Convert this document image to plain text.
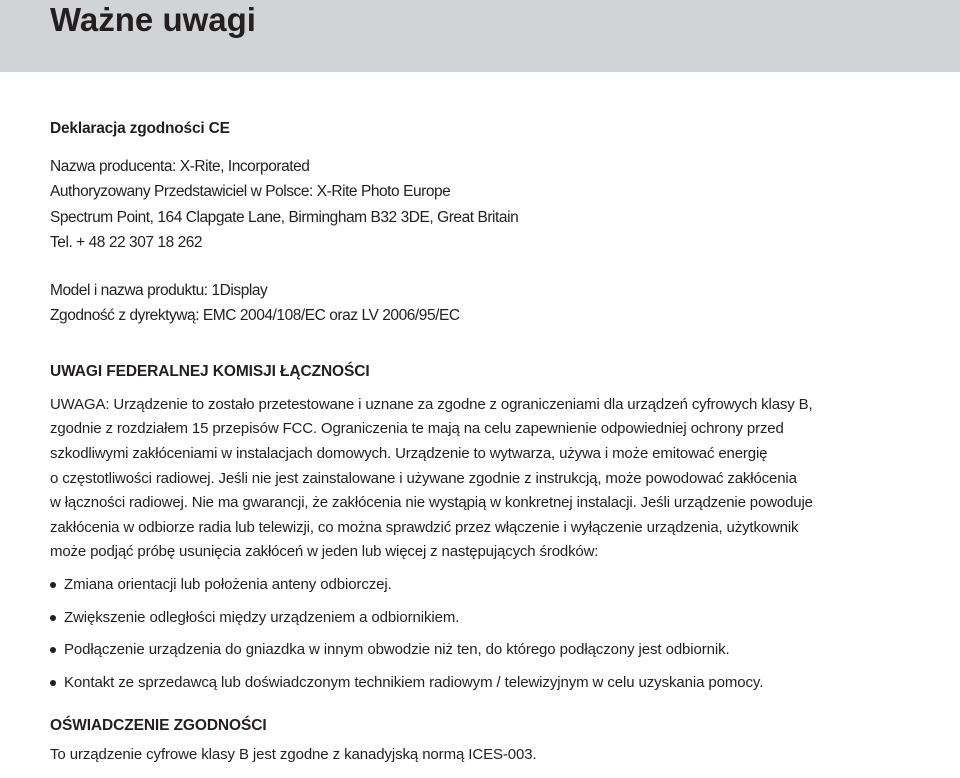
Ważne uwagi

Deklaracja zgodności CE

Nazwa producenta: X-Rite, Incorporated

Authoryzowany Przedstawiciel w Polsce: X-Rite Photo Europe

Spectrum Point, 164 Clapgate Lane, Birmingham B32 3DE, Great Britain

Tel. + 48 22 307 18 262

Model i nazwa produktu: 1Display

Zgodność z dyrektywą: EMC 2004/108/EC oraz LV 2006/95/EC

UWAGI FEDERALNEJ KOMISJI ŁĄCZNOŚCI

UWAGA: Urządzenie to zostało przetestowane i uznane za zgodne z ograniczeniami dla urządzeń cyfrowych klasy B,
zgodnie z rozdziałem 15 przepisów FCC. Ograniczenia te mają na celu zapewnienie odpowiedniej ochrony przed
szkodliwymi zakłóceniami w instalacjach domowych. Urządzenie to wytwarza, używa i może emitować energię
o częstotliwości radiowej. Jeśli nie jest zainstalowane i używane zgodnie z instrukcją, może powodować zakłócenia
w łączności radiowej. Nie ma gwarancji, że zakłócenia nie wystąpią w konkretnej instalacji. Jeśli urządzenie powoduje
zakłócenia w odbiorze radia lub telewizji, co można sprawdzić przez włączenie i wyłączenie urządzenia, użytkownik
może podjąć próbę usunięcia zakłóceń w jeden lub więcej z następujących środków:
Zmiana orientacji lub położenia anteny odbiorczej.
Zwiększenie odległości między urządzeniem a odbiornikiem.
Podłączenie urządzenia do gniazdka w innym obwodzie niż ten, do którego podłączony jest odbiornik.
Kontakt ze sprzedawcą lub doświadczonym technikiem radiowym / telewizyjnym w celu uzyskania pomocy.

OŚWIADCZENIE ZGODNOŚCI

To urządzenie cyfrowe klasy B jest zgodne z kanadyjską normą ICES-003.
